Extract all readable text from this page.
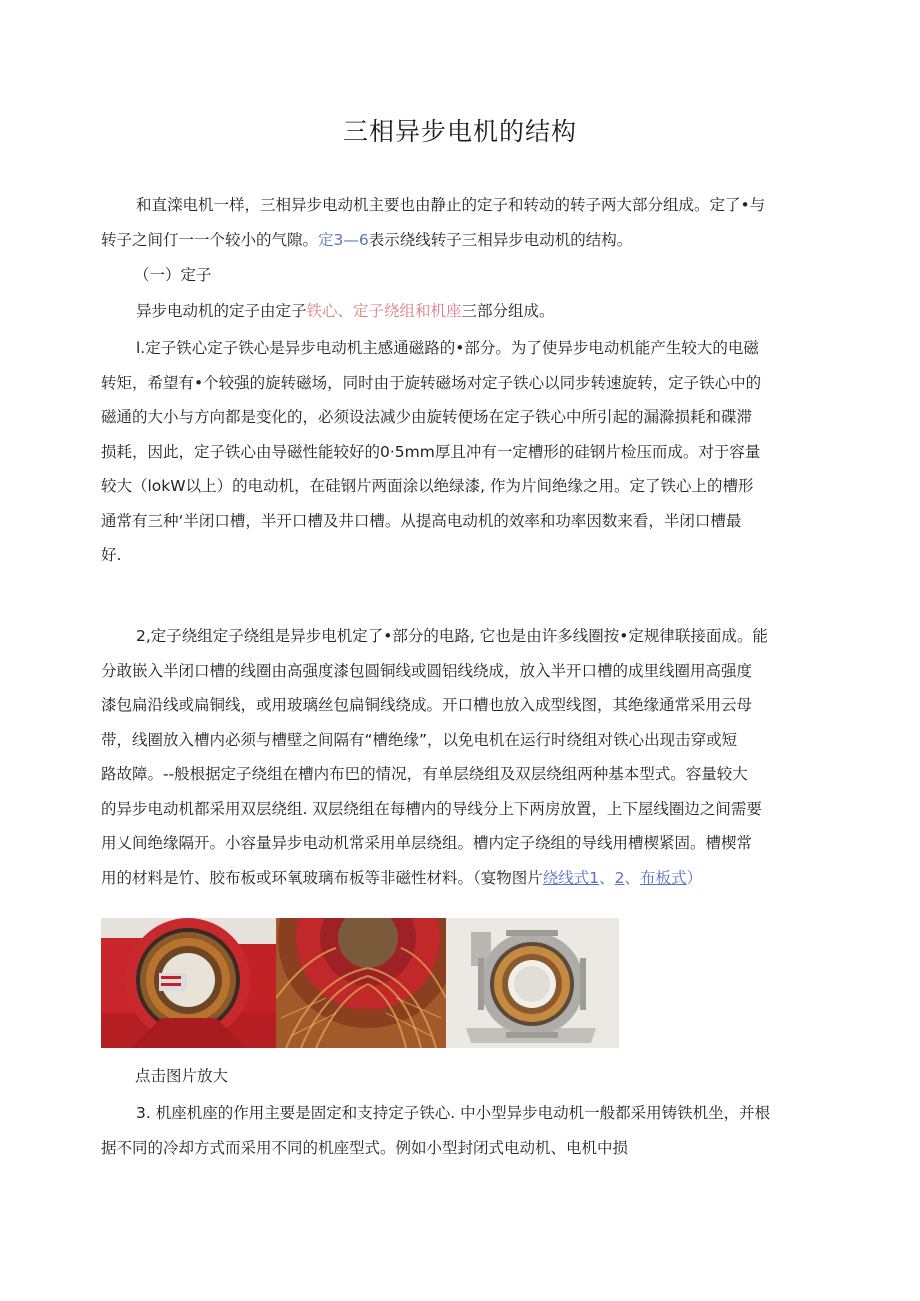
三相异步电机的结构
和直滦电机一样，三相异步电动机主要也由静止的定子和转动的转子两大部分组成。定了•与
转子之间仃一一个较小的气隙。定3—6表示绕线转子三相异步电动机的结构。
（一）定子
异步电动机的定子由定子铁心、定子绕组和机座三部分组成。
l.定子铁心定子铁心是异步电动机主感通磁路的•部分。为了使异步电动机能产生较大的电磁
转矩，希望有•个较强的旋转磁场，同时由于旋转磁场对定子铁心以同步转速旋转，定子铁心中的
磁通的大小与方向都是变化的，必须设法减少由旋转便场在定子铁心中所引起的漏滁损耗和碟滞
损耗，因此，定子铁心由导磁性能较好的0·5mm厚且冲有一定槽形的硅钢片检压而成。对于容量
较大（lokW以上）的电动机，在硅钢片两面涂以绝绿漆, 作为片间绝缘之用。定了铁心上的槽形
通常有三种‘半闭口槽，半开口槽及井口槽。从提高电动机的效率和功率因数来看，半闭口槽最
好.
2,定子绕组定子绕组是异步电机定了•部分的电路, 它也是由许多线圈按•定规律联接面成。能
分敢嵌入半闭口槽的线圈由高强度漆包圆铜线或圆铝线绕成，放入半开口槽的成里线圈用高强度
漆包扁沿线或扁铜线，或用玻璃丝包扁铜线绕成。开口槽也放入成型线图，其绝缘通常采用云母
带，线圈放入槽内必须与槽壁之间隔有“槽绝缘”，以免电机在运行时绕组对铁心出现击穿或短
路故障。--般根据定子绕组在槽内布巴的情况，有单层绕组及双层绕组两种基本型式。容量较大
的异步电动机都采用双层绕组. 双层绕组在每槽内的导线分上下两房放置，上下屋线圈边之间需要
用乂间绝缘隔开。小容量异步电动机常采用单层绕组。槽内定子绕组的导线用槽楔紧固。槽楔常
用的材料是竹、胶布板或环氧玻璃布板等非磁性材料。（宴物图片绕线式1、2、布板式）
点击图片放大
3. 机座机座的作用主要是固定和支持定子铁心. 中小型异步电动机一般都采用铸铁机坐，并根
据不同的冷却方式而采用不同的机座型式。例如小型封闭式电动机、电机中损
